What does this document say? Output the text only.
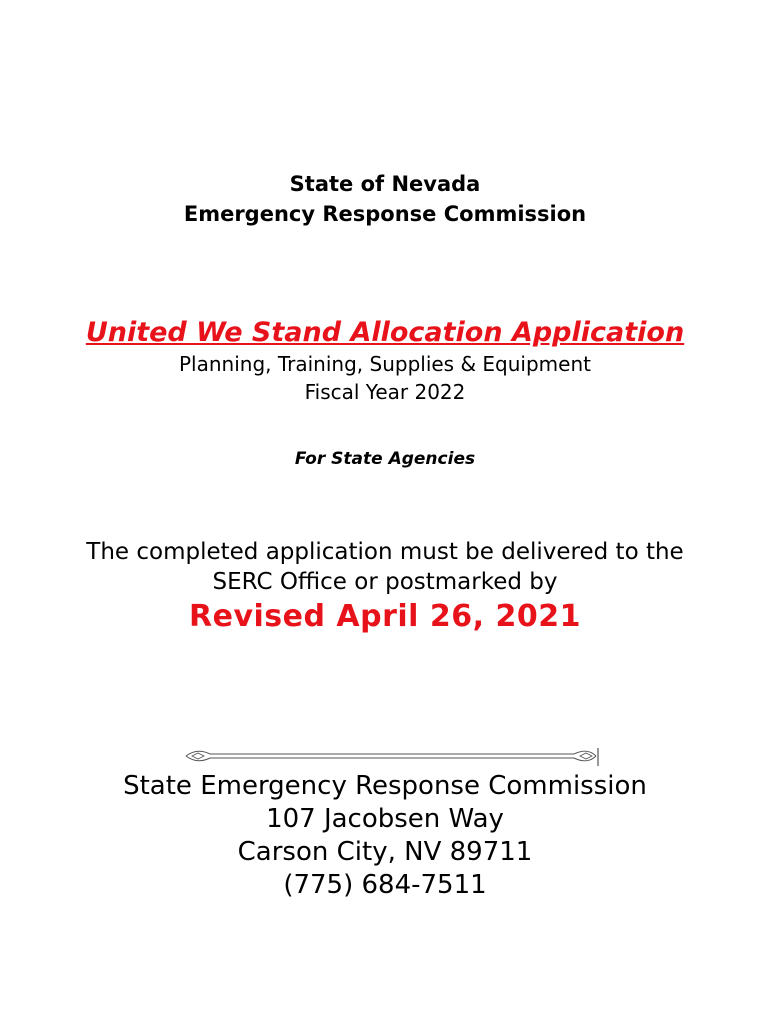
State of Nevada
Emergency Response Commission
United We Stand Allocation Application
Planning, Training, Supplies & Equipment
Fiscal Year 2022
For State Agencies
The completed application must be delivered to the
SERC Office or postmarked by
Revised April 26, 2021
State Emergency Response Commission
107 Jacobsen Way
Carson City, NV 89711
(775) 684-7511
